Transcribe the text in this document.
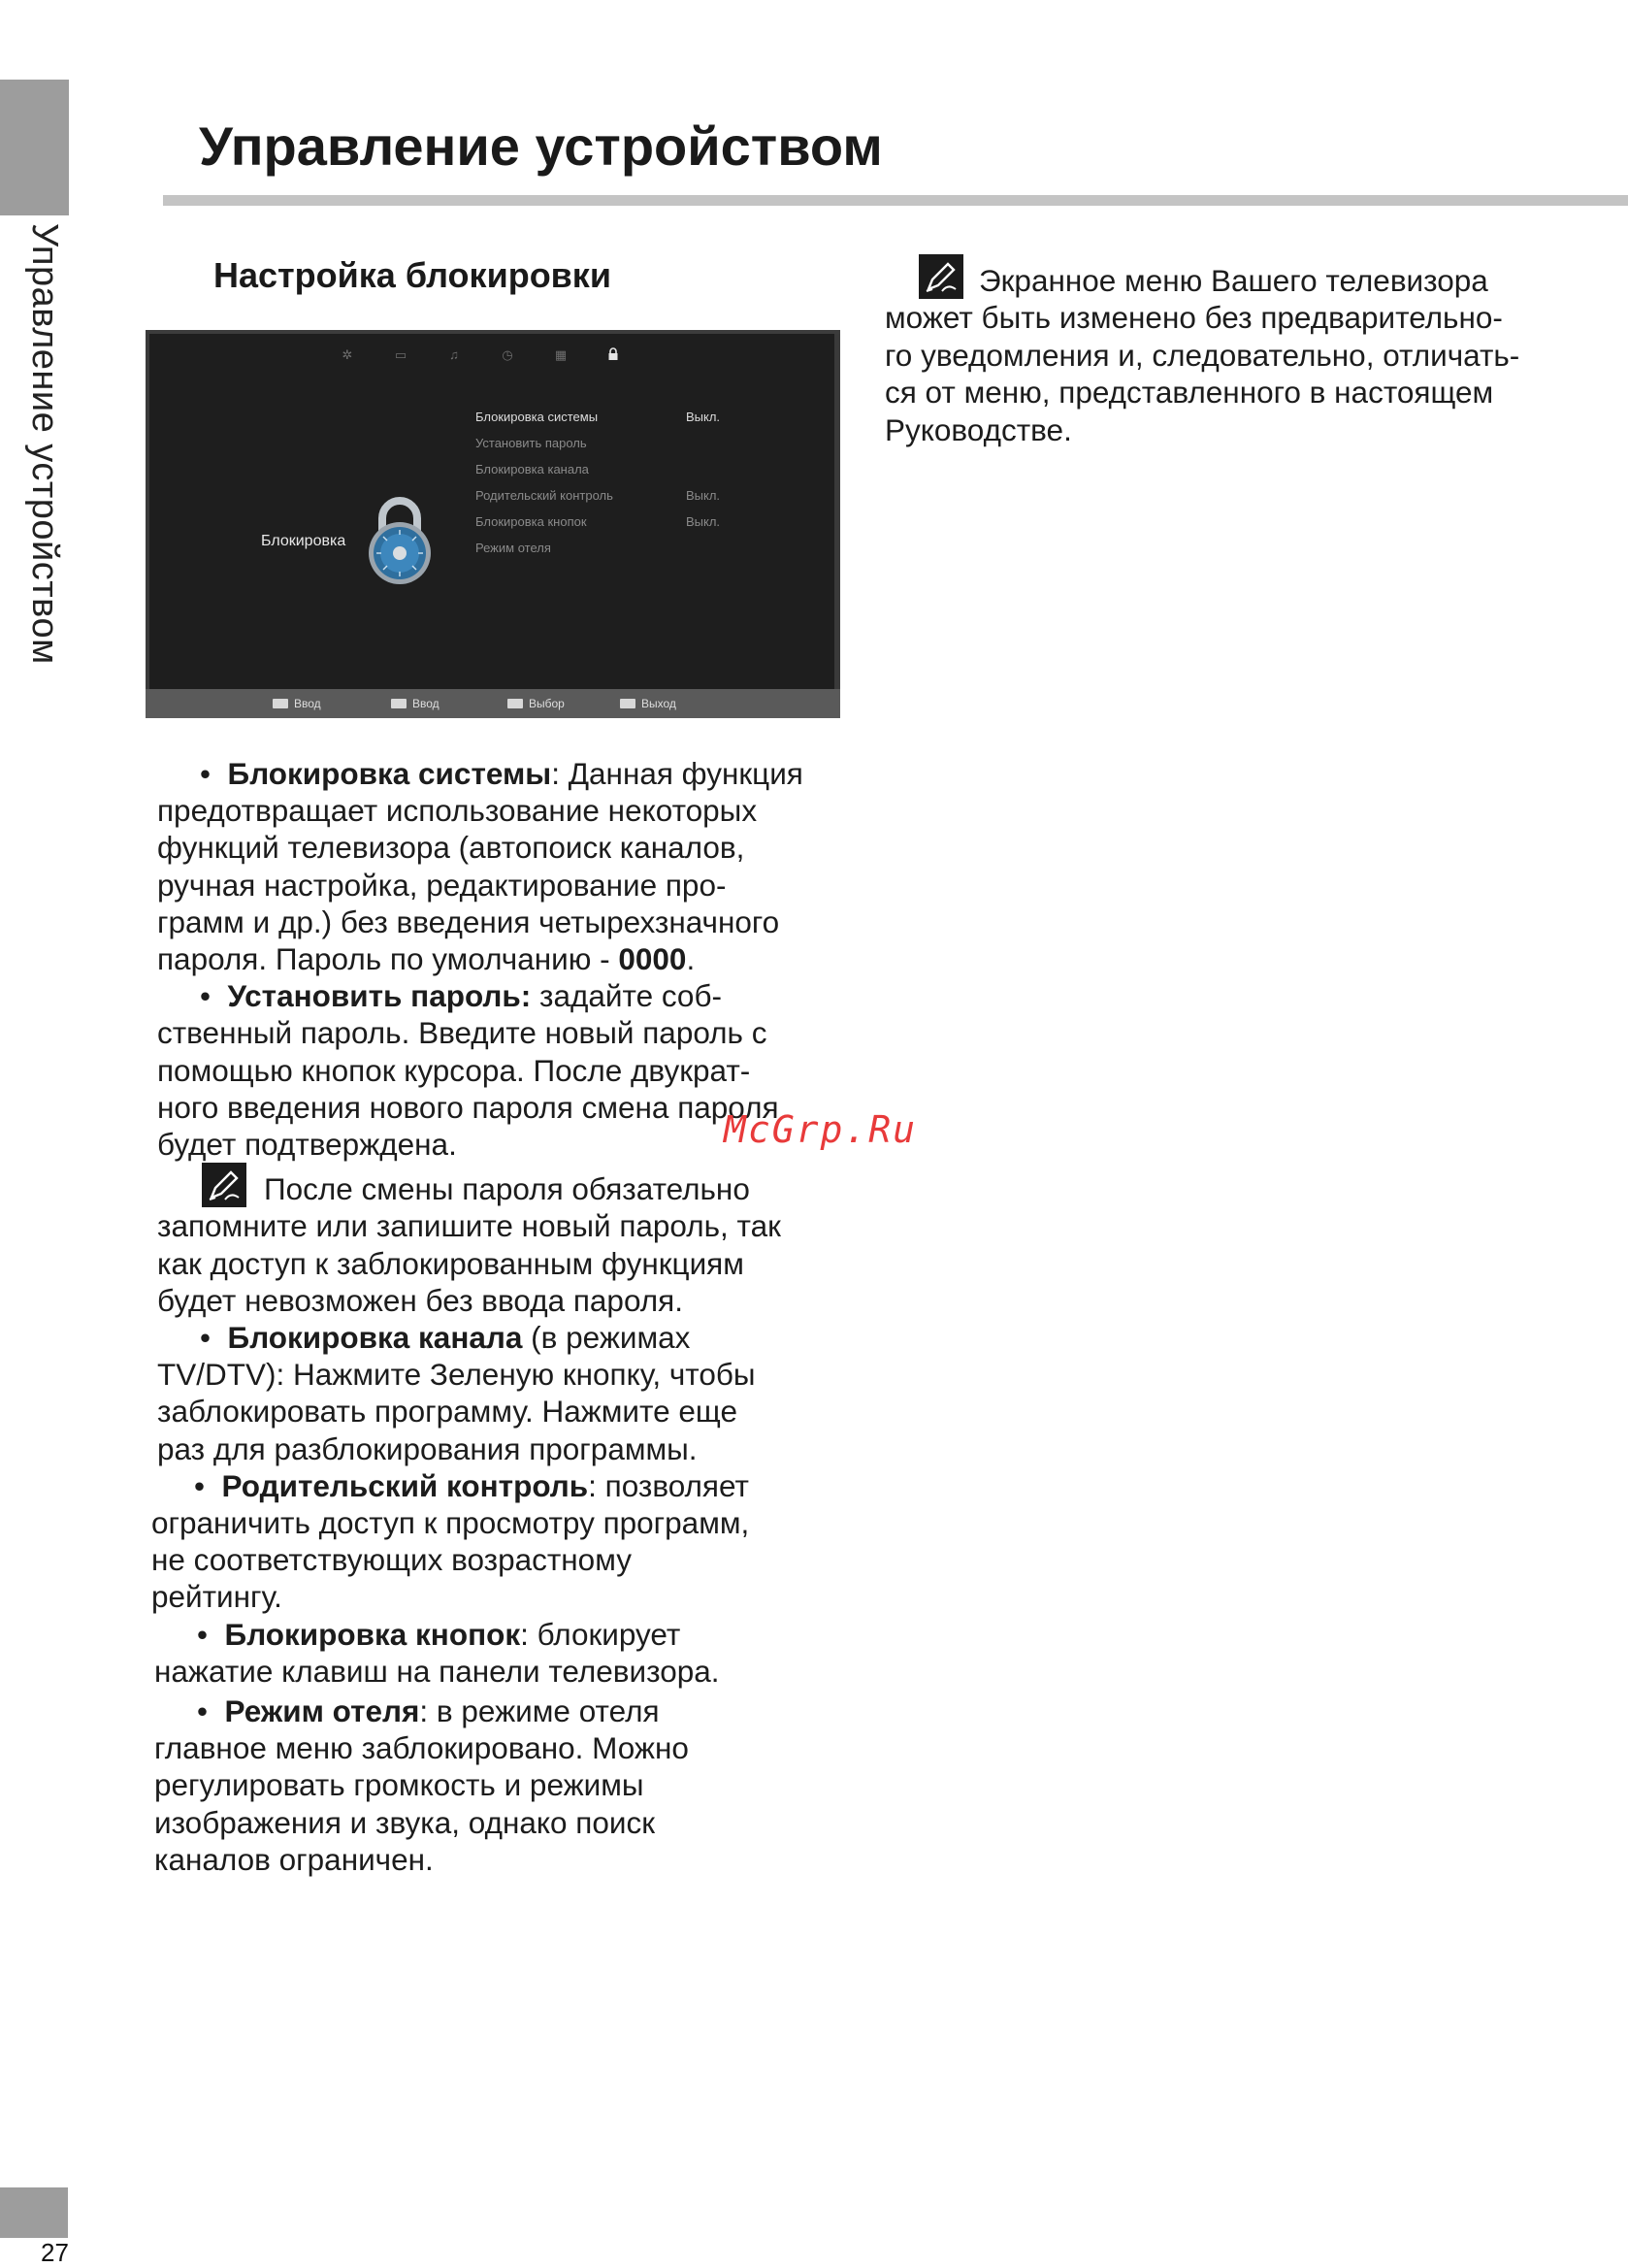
Управление устройством
27
Управление устройством
Настройка блокировки
✲	▭	♫	◷	▦
Блокировка
Блокировка системы	Выкл.
Установить пароль
Блокировка канала
Родительский контроль	Выкл.
Блокировка кнопок	Выкл.
Режим отеля
Ввод	Ввод	Выбор	Выход

Экранное меню Вашего телевизора

может быть изменено без предварительно-

го уведомления и, следовательно, отличать-

ся от меню, представленного в настоящем

Руководстве.

• Блокировка системы: Данная функция

предотвращает использование некоторых

функций телевизора (автопоиск каналов,

ручная настройка, редактирование про-

грамм и др.) без введения четырехзначного

пароля. Пароль по умолчанию - 0000.

• Установить пароль: задайте соб-

ственный пароль. Введите новый пароль с

помощью кнопок курсора. После двукрат-

ного введения нового пароля смена пароля

будет подтверждена.

После смены пароля обязательно

запомните или запишите новый пароль, так

как доступ к заблокированным функциям

будет невозможен без ввода пароля.

• Блокировка канала (в режимах

TV/DTV): Нажмите Зеленую кнопку, чтобы

заблокировать программу. Нажмите еще

раз для разблокирования программы.

• Родительский контроль: позволяет

ограничить доступ к просмотру программ,

не соответствующих возрастному

рейтингу.

• Блокировка кнопок: блокирует

нажатие клавиш на панели телевизора.

• Режим отеля: в режиме отеля

главное меню заблокировано. Можно

регулировать громкость и режимы

изображения и звука, однако поиск

каналов ограничен.

McGrp.Ru
